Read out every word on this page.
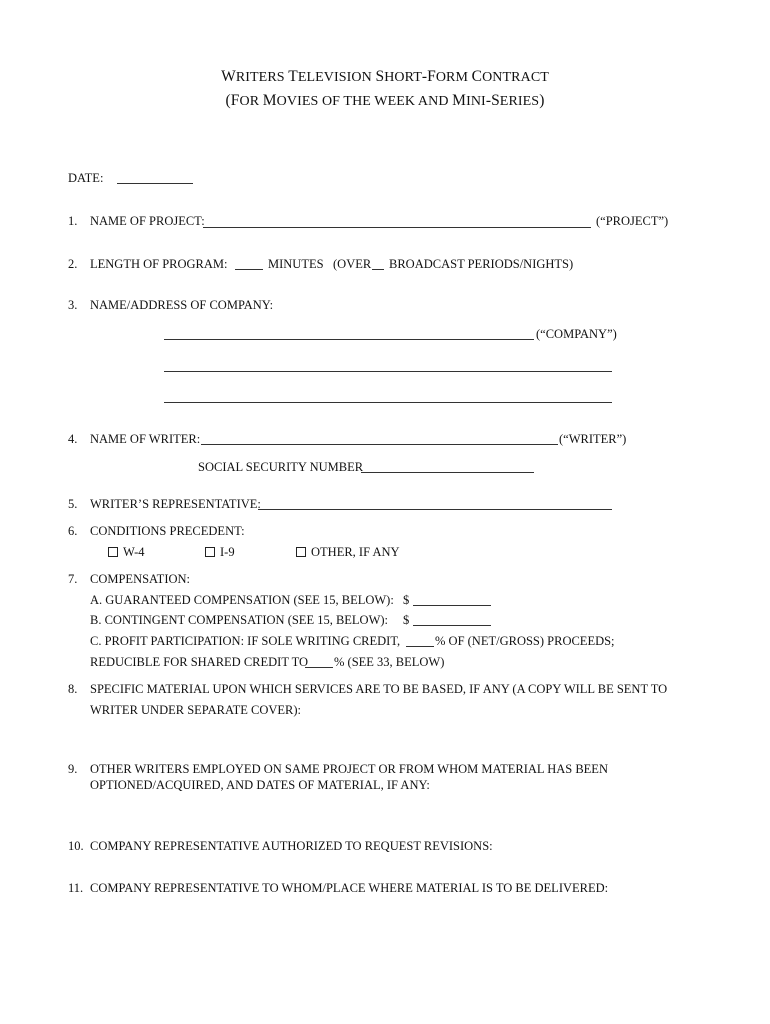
WRITERS TELEVISION SHORT-FORM CONTRACT
(FOR MOVIES OF THE WEEK AND MINI-SERIES)
DATE:
1. NAME OF PROJECT:	(“PROJECT”)
2. LENGTH OF PROGRAM:	MINUTES (OVER BROADCAST PERIODS/NIGHTS)
3. NAME/ADDRESS OF COMPANY:
(“COMPANY”)
4. NAME OF WRITER:	(“WRITER”)
SOCIAL SECURITY NUMBER
5. WRITER’S REPRESENTATIVE:
6. CONDITIONS PRECEDENT:
W-4	I-9	OTHER, IF ANY
7. COMPENSATION:
A. GUARANTEED COMPENSATION (SEE 15, BELOW): $
B. CONTINGENT COMPENSATION (SEE 15, BELOW): $
C. PROFIT PARTICIPATION: IF SOLE WRITING CREDIT,	% OF (NET/GROSS) PROCEEDS;
REDUCIBLE FOR SHARED CREDIT TO % (SEE 33, BELOW)
8. SPECIFIC MATERIAL UPON WHICH SERVICES ARE TO BE BASED, IF ANY (A COPY WILL BE SENT TO
WRITER UNDER SEPARATE COVER):
9. OTHER WRITERS EMPLOYED ON SAME PROJECT OR FROM WHOM MATERIAL HAS BEEN
OPTIONED/ACQUIRED, AND DATES OF MATERIAL, IF ANY:
10. COMPANY REPRESENTATIVE AUTHORIZED TO REQUEST REVISIONS:
11. COMPANY REPRESENTATIVE TO WHOM/PLACE WHERE MATERIAL IS TO BE DELIVERED:
